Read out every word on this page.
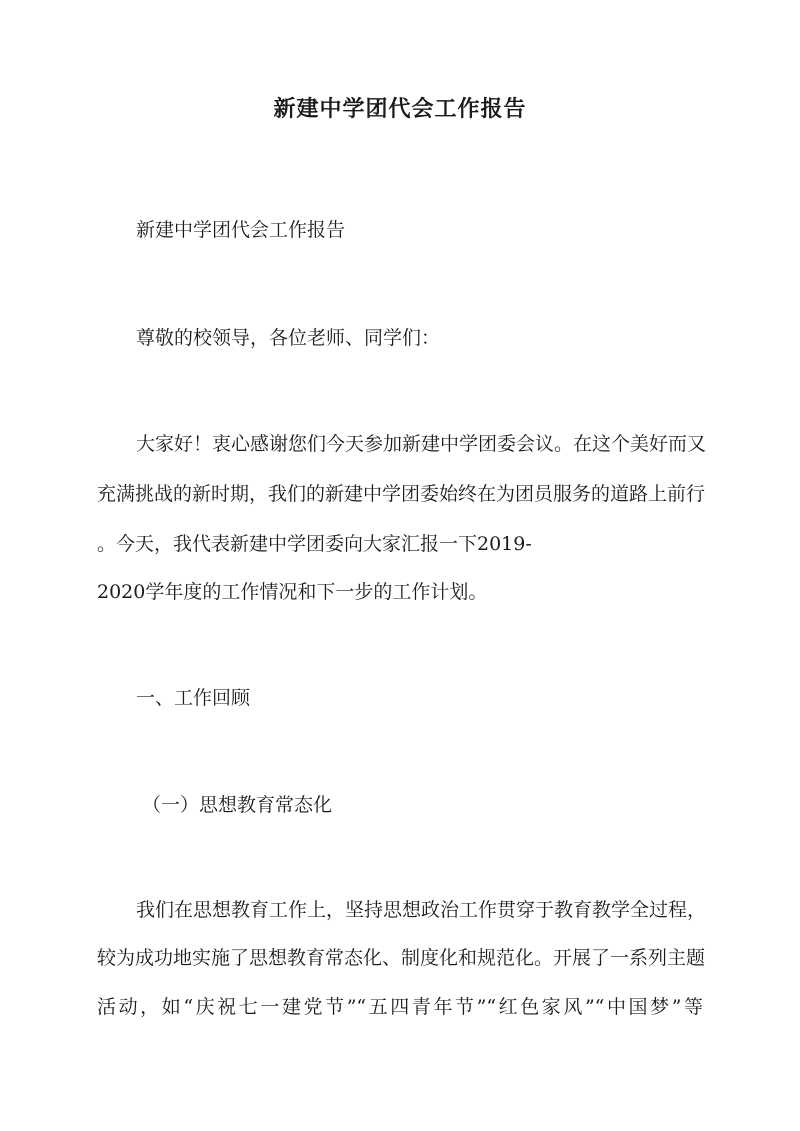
新建中学团代会工作报告
新建中学团代会工作报告
尊敬的校领导，各位老师、同学们：
大家好！衷心感谢您们今天参加新建中学团委会议。在这个美好而又
充满挑战的新时期，我们的新建中学团委始终在为团员服务的道路上前行
。今天，我代表新建中学团委向大家汇报一下2019-
2020学年度的工作情况和下一步的工作计划。
一、工作回顾
（一）思想教育常态化
我们在思想教育工作上，坚持思想政治工作贯穿于教育教学全过程，
较为成功地实施了思想教育常态化、制度化和规范化。开展了一系列主题
活动，如“庆祝七一建党节”“五四青年节”“红色家风”“中国梦”等
